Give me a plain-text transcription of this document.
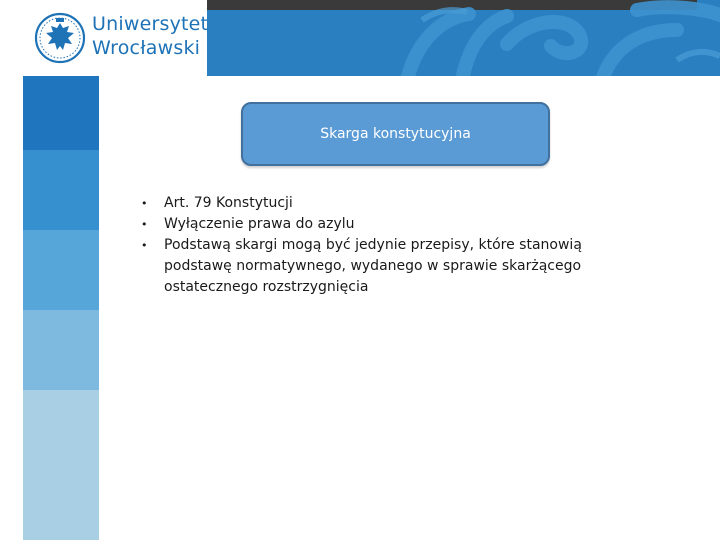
Uniwersytet
Wrocławski
Skarga konstytucyjna
• Art. 79 Konstytucji
• Wyłączenie prawa do azylu
• Podstawą skargi mogą być jedynie przepisy, które stanowią podstawę normatywnego, wydanego w sprawie skarżącego ostatecznego rozstrzygnięcia
